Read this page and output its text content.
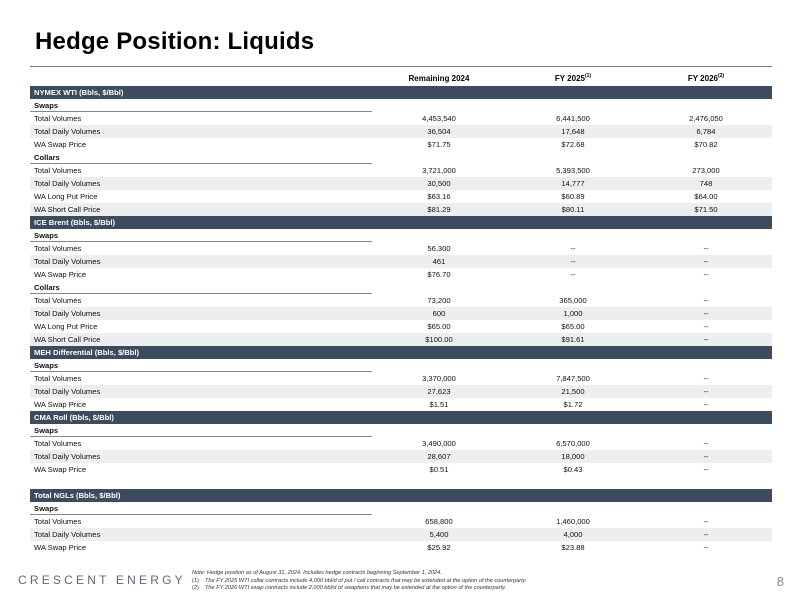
Hedge Position: Liquids
Remaining 2024	FY 2025$^{(1)}$	FY 2026$^{(2)}$
NYMEX WTI (Bbls, $/Bbl)
Swaps
Total Volumes	4,453,540	6,441,500	2,476,050
Total Daily Volumes	36,504	17,648	6,784
WA Swap Price	$71.75	$72.68	$70.82
Collars
Total Volumes	3,721,000	5,393,500	273,000
Total Daily Volumes	30,500	14,777	748
WA Long Put Price	$63.16	$60.89	$64.00
WA Short Call Price	$81.29	$80.11	$71.50
ICE Brent (Bbls, $/Bbl)
Swaps
Total Volumes	56,300	--	--
Total Daily Volumes	461	--	--
WA Swap Price	$76.70	--	--
Collars
Total Volumes	73,200	365,000	--
Total Daily Volumes	600	1,000	--
WA Long Put Price	$65.00	$65.00	--
WA Short Call Price	$100.00	$91.61	--
MEH Differential (Bbls, $/Bbl)
Swaps
Total Volumes	3,370,000	7,847,500	--
Total Daily Volumes	27,623	21,500	--
WA Swap Price	$1.51	$1.72	--
CMA Roll (Bbls, $/Bbl)
Swaps
Total Volumes	3,490,000	6,570,000	--
Total Daily Volumes	28,607	18,000	--
WA Swap Price	$0.51	$0.43	--
Total NGLs (Bbls, $/Bbl)
Swaps
Total Volumes	658,800	1,460,000	--
Total Daily Volumes	5,400	4,000	--
WA Swap Price	$25.92	$23.88	--
CRESCENT ENERGY Note: Hedge position as of August 31, 2024. Includes hedge contracts beginning September 1, 2024.
(1) The FY 2025 WTI collar contracts include 4,000 bbl/d of put / call contracts that may be extended at the option of the counterparty.
(2) The FY 2026 WTI swap contracts include 2,000 bbl/d of swaptions that may be extended at the option of the counterparty.	8
